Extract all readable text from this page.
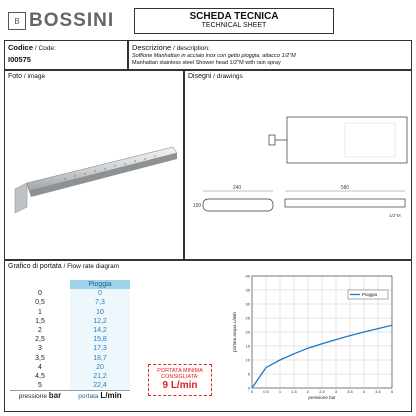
B BOSSINI	SCHEDA TECNICA
TECHNICAL SHEET
Codice / Code:
I00575
Descrizione / description:
Soffione Manhattan in acciaio inox con getto pioggia, attacco 1/2"M
Manhattan stainless steel Shower head 1/2"M with rain spray
Foto / image	Disegni / drawings
240	580
100
1/2"M
Grafico di portata / Flow rate diagram
	Pioggia
0	0
0,5	7,3
1	10
1,5	12,2
2	14,2
2,5	15,8
3	17,3
3,5	18,7
4	20
4,5	21,2
5	22,4
pressione bar	portata L/min
PORTATA MINIMA
CONSIGLIATA:
9 L/min	0
5
10
15
20
25
30
35
40
0	0.5	1	1.5	2	2.5	3	3.5	4	4.5	5
pressione bar
portata acqua L/min
Pioggia
